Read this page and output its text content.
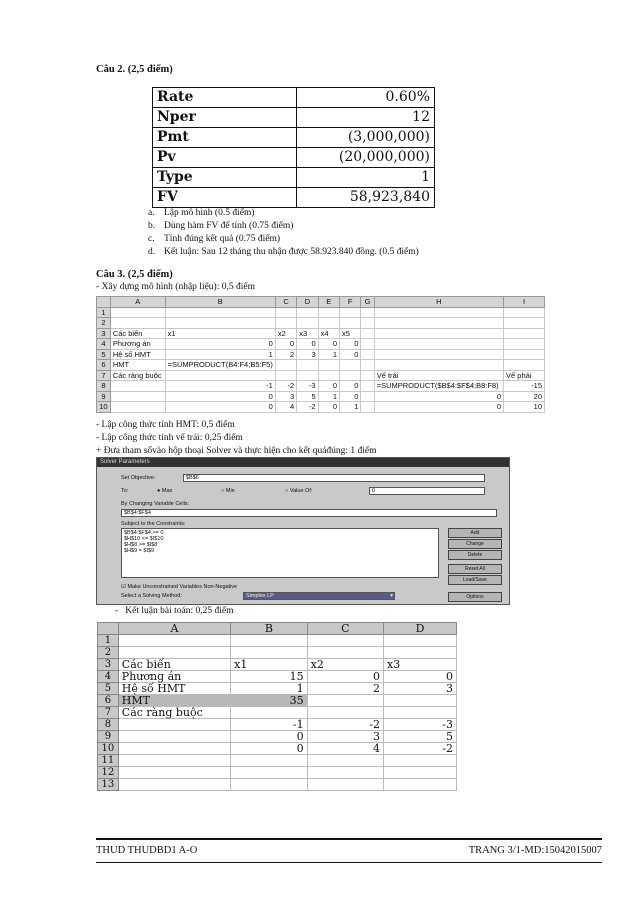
Câu 2. (2,5 điểm)
Rate	0.60%
Nper	12
Pmt	(3,000,000)
Pv	(20,000,000)
Type	1
FV	58,923,840
a. Lập mô hình (0.5 điểm)
b. Dùng hàm FV để tính (0.75 điểm)
c. Tính đúng kết quả (0.75 điểm)
d. Kết luận: Sau 12 tháng thu nhận được 58.923.840 đồng. (0.5 điểm)
Câu 3. (2,5 điểm)
- Xây dựng mô hình (nhập liệu): 0,5 điểm
	A	B	C	D	E	F	G	H	I
1									
2									
3	Các biến	x1	x2	x3	x4	x5			
4	Phương án	0	0	0	0	0			
5	Hệ số HMT	1	2	3	1	0			
6	HMT	=SUMPRODUCT(B4:F4;B5:F5)							
7	Các ràng buộc							Vế trái	Vế phải
8		-1	-2	-3	0	0		=SUMPRODUCT($B$4:$F$4;B8:F8)	-15
9		0	3	5	1	0		0	20
10		0	4	-2	0	1		0	10
- Lập công thức tính HMT: 0,5 điểm
- Lập công thức tính vế trái: 0,25 điểm
+ Đưa tham sốvào hộp thoại Solver và thực hiện cho kết quảđúng: 1 điểm
Solver Parameters
Set Objective:	$B$6
To:	● Max	○ Min	○ Value Of:	0
By Changing Variable Cells:
$B$4:$F$4
Subject to the Constraints:
$B$4:$F$4 >= 0
$H$10 <= $I$10
$H$8 >= $I$8
$H$9 = $I$9
Add
Change
Delete
Reset All
Load/Save
☑ Make Unconstrained Variables Non-Negative
Select a Solving Method:	Simplex LP	▾	Options
-   Kết luận bài toán: 0,25 điểm
	A	B	C	D
1				
2				
3	Các biến	x1	x2	x3
4	Phương án	15	0	0
5	Hệ số HMT	1	2	3
6	HMT	35		
7	Các ràng buộc			
8		-1	-2	-3
9		0	3	5
10		0	4	-2
11				
12				
13				
THUD THUDBD1 A-O	TRANG 3/1-MD:15042015007
